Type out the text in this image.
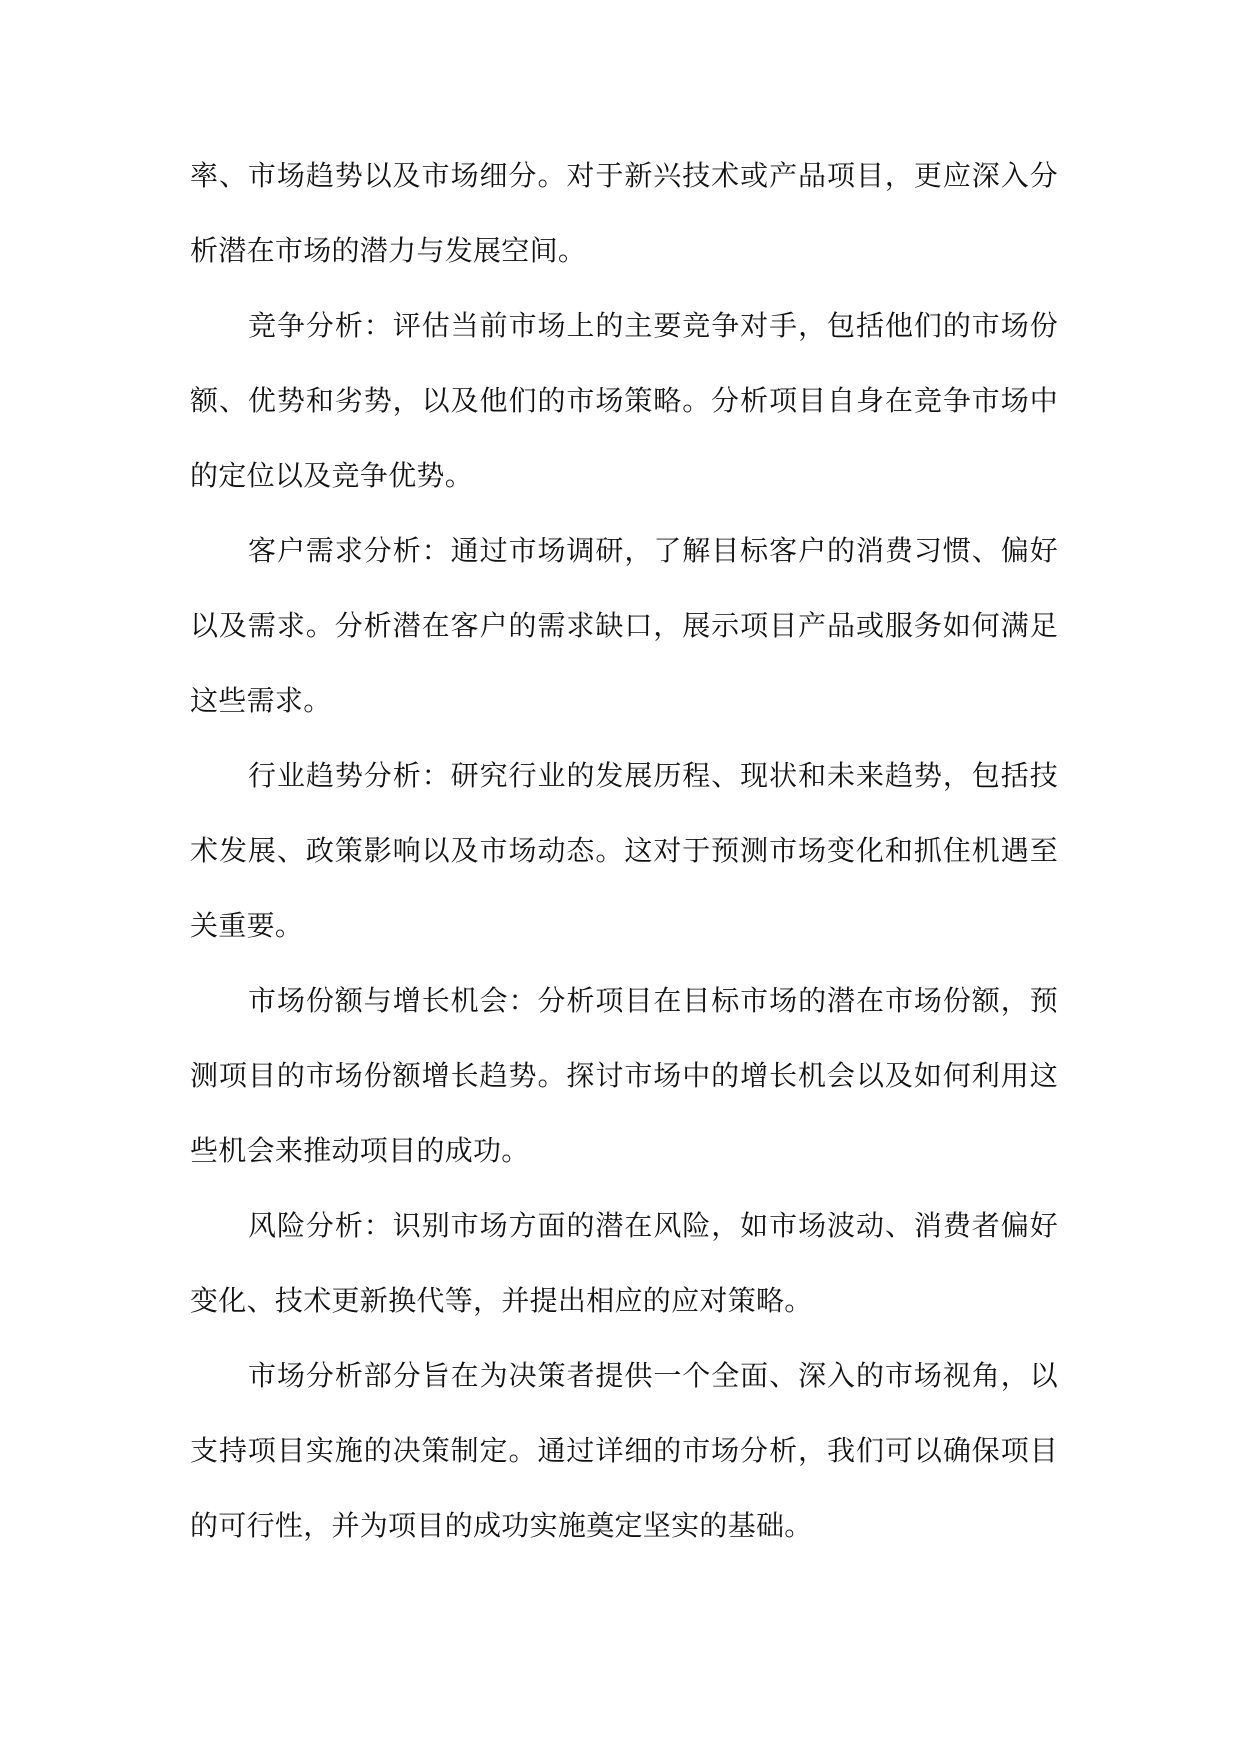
率、市场趋势以及市场细分。对于新兴技术或产品项目，更应深入分析潜在市场的潜力与发展空间。

竞争分析：评估当前市场上的主要竞争对手，包括他们的市场份额、优势和劣势，以及他们的市场策略。分析项目自身在竞争市场中的定位以及竞争优势。

客户需求分析：通过市场调研，了解目标客户的消费习惯、偏好以及需求。分析潜在客户的需求缺口，展示项目产品或服务如何满足这些需求。

行业趋势分析：研究行业的发展历程、现状和未来趋势，包括技术发展、政策影响以及市场动态。这对于预测市场变化和抓住机遇至关重要。

市场份额与增长机会：分析项目在目标市场的潜在市场份额，预测项目的市场份额增长趋势。探讨市场中的增长机会以及如何利用这些机会来推动项目的成功。

风险分析：识别市场方面的潜在风险，如市场波动、消费者偏好变化、技术更新换代等，并提出相应的应对策略。

市场分析部分旨在为决策者提供一个全面、深入的市场视角，以支持项目实施的决策制定。通过详细的市场分析，我们可以确保项目的可行性，并为项目的成功实施奠定坚实的基础。
